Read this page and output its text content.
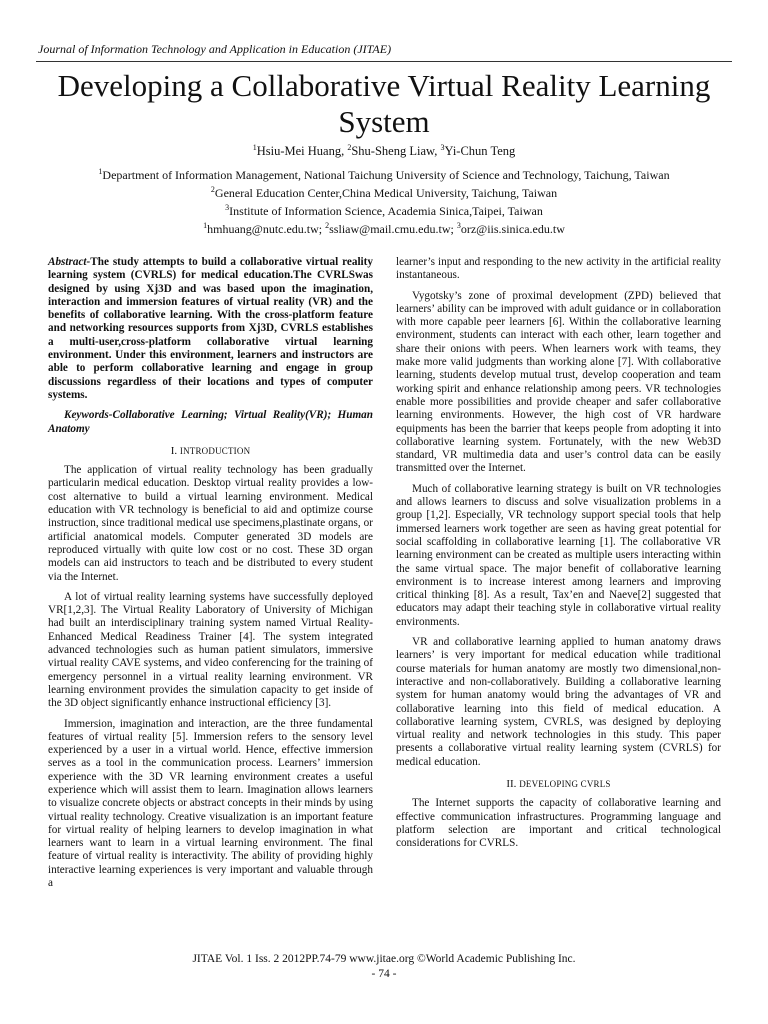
Journal of Information Technology and Application in Education (JITAE)
Developing a Collaborative Virtual Reality Learning System
$^1$Hsiu-Mei Huang, $^2$Shu-Sheng Liaw, $^3$Yi-Chun Teng
$^1$Department of Information Management, National Taichung University of Science and Technology, Taichung, Taiwan
$^2$General Education Center,China Medical University, Taichung, Taiwan
$^3$Institute of Information Science, Academia Sinica,Taipei, Taiwan
$^1$hmhuang@nutc.edu.tw; $^2$ssliaw@mail.cmu.edu.tw; $^3$orz@iis.sinica.edu.tw

Abstract-The study attempts to build a collaborative virtual reality learning system (CVRLS) for medical education.The CVRLSwas designed by using Xj3D and was based upon the imagination, interaction and immersion features of virtual reality (VR) and the benefits of collaborative learning. With the cross-platform feature and networking resources supports from Xj3D, CVRLS establishes a multi-user,cross-platform collaborative virtual learning environment. Under this environment, learners and instructors are able to perform collaborative learning and engage in group discussions regardless of their locations and types of computer systems.

Keywords-Collaborative Learning; Virtual Reality(VR); Human Anatomy

I. INTRODUCTION

The application of virtual reality technology has been gradually particularin medical education. Desktop virtual reality provides a low-cost alternative to build a virtual learning environment. Medical education with VR technology is beneficial to aid and optimize course instruction, since traditional medical use specimens,plastinate organs, or artificial anatomical models. Computer generated 3D models are reproduced virtually with quite low cost or no cost. These 3D organ models can aid instructors to teach and be distributed to every student via the Internet.

A lot of virtual reality learning systems have successfully deployed VR[1,2,3]. The Virtual Reality Laboratory of University of Michigan had built an interdisciplinary training system named Virtual Reality-Enhanced Medical Readiness Trainer [4]. The system integrated advanced technologies such as human patient simulators, immersive virtual reality CAVE systems, and video conferencing for the training of emergency personnel in a virtual reality learning environment. VR learning environment provides the simulation capacity to get inside of the 3D object significantly enhance instructional efficiency [3].

Immersion, imagination and interaction, are the three fundamental features of virtual reality [5]. Immersion refers to the sensory level experienced by a user in a virtual world. Hence, effective immersion serves as a tool in the communication process. Learners’ immersion experience with the 3D VR learning environment creates a useful experience which will assist them to learn. Imagination allows learners to visualize concrete objects or abstract concepts in their minds by using virtual reality technology. Creative visualization is an important feature for virtual reality of helping learners to develop imagination in what learners want to learn in a virtual learning environment. The final feature of virtual reality is interactivity. The ability of providing highly interactive learning experiences is very important and valuable through a

learner’s input and responding to the new activity in the artificial reality instantaneous.

Vygotsky’s zone of proximal development (ZPD) believed that learners’ ability can be improved with adult guidance or in collaboration with more capable peer learners [6]. Within the collaborative learning environment, students can interact with each other, learn together and share their onions with peers. When learners work with teams, they make more valid judgments than working alone [7]. With collaborative learning, students develop mutual trust, develop cooperation and team working spirit and enhance relationship among peers. VR technologies enable more possibilities and provide cheaper and safer collaborative learning environments. However, the high cost of VR hardware equipments has been the barrier that keeps people from adopting it into collaborative learning system. Fortunately, with the new Web3D standard, VR multimedia data and user’s control data can be easily transmitted over the Internet.

Much of collaborative learning strategy is built on VR technologies and allows learners to discuss and solve visualization problems in a group [1,2]. Especially, VR technology support special tools that help immersed learners work together are seen as having great potential for social scaffolding in collaborative learning [1]. The collaborative VR learning environment can be created as multiple users interacting within the same virtual space. The major benefit of collaborative learning environment is to increase interest among learners and improving critical thinking [8]. As a result, Tax’en and Naeve[2] suggested that educators may adapt their teaching style in collaborative virtual reality environments.

VR and collaborative learning applied to human anatomy draws learners’ is very important for medical education while traditional course materials for human anatomy are mostly two dimensional,non-interactive and non-collaboratively. Building a collaborative learning system for human anatomy would bring the advantages of VR and collaborative learning into this field of medical education. A collaborative learning system, CVRLS, was designed by deploying virtual reality and network technologies in this study. This paper presents a collaborative virtual reality learning system (CVRLS) for medical education.

II. DEVELOPING CVRLS

The Internet supports the capacity of collaborative learning and effective communication infrastructures. Programming language and platform selection are important and critical technological considerations for CVRLS.

JITAE Vol. 1 Iss. 2 2012PP.74-79 www.jitae.org ©World Academic Publishing Inc.
- 74 -
